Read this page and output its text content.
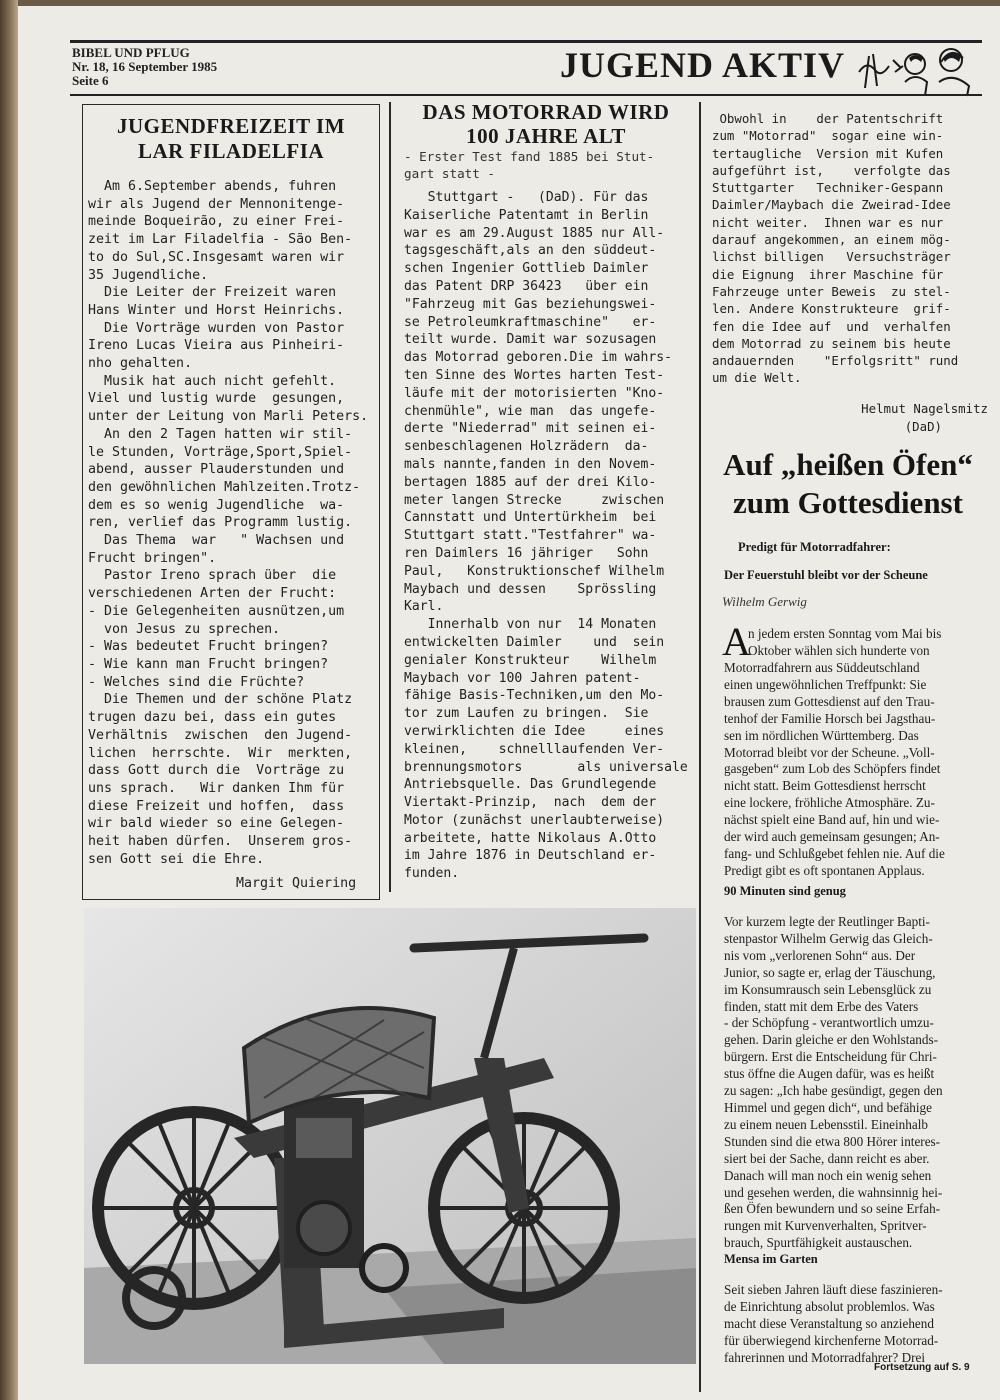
BIBEL UND PFLUG
Nr. 18, 16 September 1985
Seite 6	JUGEND AKTIV
JUGENDFREIZEIT IM
LAR FILADELFIA
Am 6.September abends, fuhren
wir als Jugend der Mennonitenge-
meinde Boqueirão, zu einer Frei-
zeit im Lar Filadelfia - São Ben-
to do Sul,SC.Insgesamt waren wir
35 Jugendliche.
Die Leiter der Freizeit waren
Hans Winter und Horst Heinrichs.
Die Vorträge wurden von Pastor
Ireno Lucas Vieira aus Pinheiri-
nho gehalten.
Musik hat auch nicht gefehlt.
Viel und lustig wurde  gesungen,
unter der Leitung von Marli Peters.
An den 2 Tagen hatten wir stil-
le Stunden, Vorträge,Sport,Spiel-
abend, ausser Plauderstunden und
den gewöhnlichen Mahlzeiten.Trotz-
dem es so wenig Jugendliche  wa-
ren, verlief das Programm lustig.
Das Thema  war   " Wachsen und
Frucht bringen".
Pastor Ireno sprach über  die
verschiedenen Arten der Frucht:
- Die Gelegenheiten ausnützen,um
von Jesus zu sprechen.
- Was bedeutet Frucht bringen?
- Wie kann man Frucht bringen?
- Welches sind die Früchte?
Die Themen und der schöne Platz
trugen dazu bei, dass ein gutes
Verhältnis  zwischen  den Jugend-
lichen  herrschte.  Wir  merkten,
dass Gott durch die  Vorträge zu
uns sprach.   Wir danken Ihm für
diese Freizeit und hoffen,  dass
wir bald wieder so eine Gelegen-
heit haben dürfen.  Unserem gros-
sen Gott sei die Ehre.
Margit Quiering
DAS MOTORRAD WIRD
100 JAHRE ALT
- Erster Test fand 1885 bei Stut-
gart statt -
Stuttgart -   (DaD). Für das
Kaiserliche Patentamt in Berlin
war es am 29.August 1885 nur All-
tagsgeschäft,als an den süddeut-
schen Ingenier Gottlieb Daimler
das Patent DRP 36423   über ein
"Fahrzeug mit Gas beziehungswei-
se Petroleumkraftmaschine"   er-
teilt wurde. Damit war sozusagen
das Motorrad geboren.Die im wahrs-
ten Sinne des Wortes harten Test-
läufe mit der motorisierten "Kno-
chenmühle", wie man  das ungefe-
derte "Niederrad" mit seinen ei-
senbeschlagenen Holzrädern  da-
mals nannte,fanden in den Novem-
bertagen 1885 auf der drei Kilo-
meter langen Strecke     zwischen
Cannstatt und Untertürkheim  bei
Stuttgart statt."Testfahrer" wa-
ren Daimlers 16 jähriger   Sohn
Paul,   Konstruktionschef Wilhelm
Maybach und dessen    Sprössling
Karl.
Innerhalb von nur  14 Monaten
entwickelten Daimler    und  sein
genialer Konstrukteur    Wilhelm
Maybach vor 100 Jahren patent-
fähige Basis-Techniken,um den Mo-
tor zum Laufen zu bringen.  Sie
verwirklichten die Idee     eines
kleinen,    schnelllaufenden Ver-
brennungsmotors       als universale
Antriebsquelle. Das Grundlegende
Viertakt-Prinzip,  nach  dem der
Motor (zunächst unerlaubterweise)
arbeitete, hatte Nikolaus A.Otto
im Jahre 1876 in Deutschland er-
funden.
Obwohl in    der Patentschrift
zum "Motorrad"  sogar eine win-
tertaugliche  Version mit Kufen
aufgeführt ist,    verfolgte das
Stuttgarter   Techniker-Gespann
Daimler/Maybach die Zweirad-Idee
nicht weiter.  Ihnen war es nur
darauf angekommen, an einem mög-
lichst billigen   Versuchsträger
die Eignung  ihrer Maschine für
Fahrzeuge unter Beweis  zu stel-
len. Andere Konstrukteure  grif-
fen die Idee auf  und  verhalfen
dem Motorrad zu seinem bis heute
andauernden    "Erfolgsritt" rund
um die Welt.
Helmut Nagelsmitz
(DaD)
Auf „heißen Öfen“
zum Gottesdienst
Predigt für Motorradfahrer:
Der Feuerstuhl bleibt vor der Scheune
Wilhelm Gerwig
A
n jedem ersten Sonntag vom Mai bis
Oktober wählen sich hunderte von
Motorradfahrern aus Süddeutschland
einen ungewöhnlichen Treffpunkt: Sie
brausen zum Gottesdienst auf den Trau-
tenhof der Familie Horsch bei Jagsthau-
sen im nördlichen Württemberg. Das
Motorrad bleibt vor der Scheune. „Voll-
gasgeben“ zum Lob des Schöpfers findet
nicht statt. Beim Gottesdienst herrscht
eine lockere, fröhliche Atmosphäre. Zu-
nächst spielt eine Band auf, hin und wie-
der wird auch gemeinsam gesungen; An-
fang- und Schlußgebet fehlen nie. Auf die
Predigt gibt es oft spontanen Applaus.
90 Minuten sind genug
Vor kurzem legte der Reutlinger Bapti-
stenpastor Wilhelm Gerwig das Gleich-
nis vom „verlorenen Sohn“ aus. Der
Junior, so sagte er, erlag der Täuschung,
im Konsumrausch sein Lebensglück zu
finden, statt mit dem Erbe des Vaters
- der Schöpfung - verantwortlich umzu-
gehen. Darin gleiche er den Wohlstands-
bürgern. Erst die Entscheidung für Chri-
stus öffne die Augen dafür, was es heißt
zu sagen: „Ich habe gesündigt, gegen den
Himmel und gegen dich“, und befähige
zu einem neuen Lebensstil. Eineinhalb
Stunden sind die etwa 800 Hörer interes-
siert bei der Sache, dann reicht es aber.
Danach will man noch ein wenig sehen
und gesehen werden, die wahnsinnig hei-
ßen Öfen bewundern und so seine Erfah-
rungen mit Kurvenverhalten, Spritver-
brauch, Spurtfähigkeit austauschen.
Mensa im Garten
Seit sieben Jahren läuft diese faszinieren-
de Einrichtung absolut problemlos. Was
macht diese Veranstaltung so anziehend
für überwiegend kirchenferne Motorrad-
fahrerinnen und Motorradfahrer? Drei
Fortsetzung auf S. 9
